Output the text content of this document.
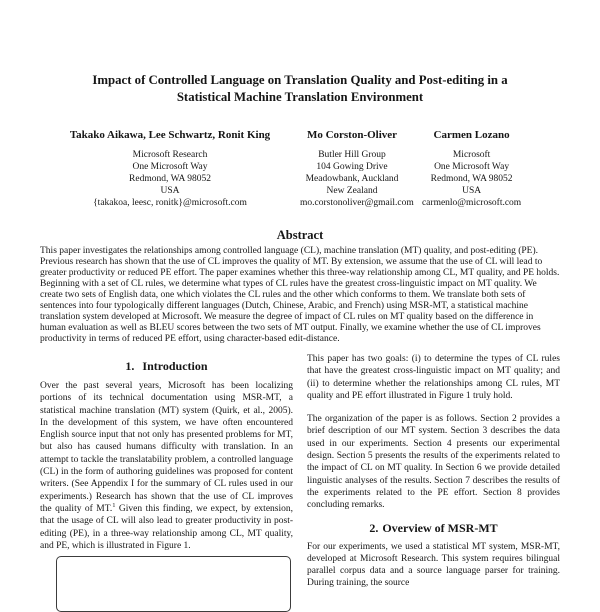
Impact of Controlled Language on Translation Quality and Post-editing in a
Statistical Machine Translation Environment
Takako Aikawa, Lee Schwartz, Ronit King
Microsoft Research
One Microsoft Way
Redmond, WA 98052
USA
{takakoa, leesc, ronitk}@microsoft.com
Mo Corston-Oliver
Butler Hill Group
104 Gowing Drive
Meadowbank, Auckland
New Zealand
mo.corstonoliver@gmail.com
Carmen Lozano
Microsoft
One Microsoft Way
Redmond, WA 98052
USA
carmenlo@microsoft.com
Abstract
This paper investigates the relationships among controlled language (CL), machine translation (MT) quality, and post-editing (PE). Previous research has shown that the use of CL improves the quality of MT. By extension, we assume that the use of CL will lead to greater productivity or reduced PE effort. The paper examines whether this three-way relationship among CL, MT quality, and PE holds. Beginning with a set of CL rules, we determine what types of CL rules have the greatest cross-linguistic impact on MT quality. We create two sets of English data, one which violates the CL rules and the other which conforms to them. We translate both sets of sentences into four typologically different languages (Dutch, Chinese, Arabic, and French) using MSR-MT, a statistical machine translation system developed at Microsoft. We measure the degree of impact of CL rules on MT quality based on the difference in human evaluation as well as BLEU scores between the two sets of MT output. Finally, we examine whether the use of CL improves productivity in terms of reduced PE effort, using character-based edit-distance.
1. Introduction

Over the past several years, Microsoft has been localizing portions of its technical documentation using MSR-MT, a statistical machine translation (MT) system (Quirk, et al., 2005). In the development of this system, we have often encountered English source input that not only has presented problems for MT, but also has caused humans difficulty with translation. In an attempt to tackle the translatability problem, a controlled language (CL) in the form of authoring guidelines was proposed for content writers. (See Appendix I for the summary of CL rules used in our experiments.) Research has shown that the use of CL improves the quality of MT.$^1$ Given this finding, we expect, by extension, that the usage of CL will also lead to greater productivity in post-editing (PE), in a three-way relationship among CL, MT quality, and PE, which is illustrated in Figure 1.

This paper has two goals: (i) to determine the types of CL rules that have the greatest cross-linguistic impact on MT quality; and (ii) to determine whether the relationships among CL rules, MT quality and PE effort illustrated in Figure 1 truly hold.

The organization of the paper is as follows. Section 2 provides a brief description of our MT system. Section 3 describes the data used in our experiments. Section 4 presents our experimental design. Section 5 presents the results of the experiments related to the impact of CL on MT quality. In Section 6 we provide detailed linguistic analyses of the results. Section 7 describes the results of the experiments related to the PE effort. Section 8 provides concluding remarks.

2. Overview of MSR-MT

For our experiments, we used a statistical MT system, MSR-MT, developed at Microsoft Research. This system requires bilingual parallel corpus data and a source language parser for training. During training, the source
